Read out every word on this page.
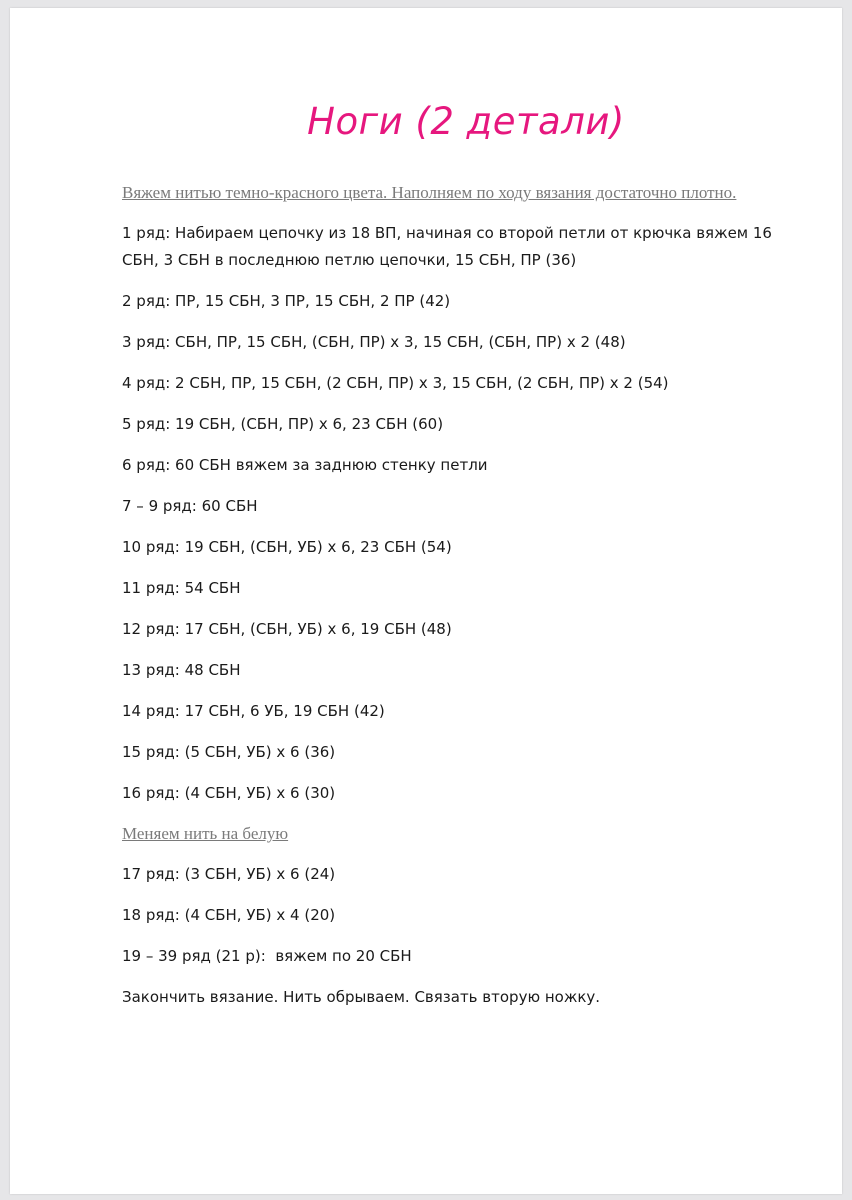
Ноги (2 детали)

Вяжем нитью темно-красного цвета. Наполняем по ходу вязания достаточно плотно.

1 ряд: Набираем цепочку из 18 ВП, начиная со второй петли от крючка вяжем 16 СБН, 3 СБН в последнюю петлю цепочки, 15 СБН, ПР (36)
2 ряд: ПР, 15 СБН, 3 ПР, 15 СБН, 2 ПР (42)
3 ряд: СБН, ПР, 15 СБН, (СБН, ПР) х 3, 15 СБН, (СБН, ПР) х 2 (48)
4 ряд: 2 СБН, ПР, 15 СБН, (2 СБН, ПР) х 3, 15 СБН, (2 СБН, ПР) х 2 (54)
5 ряд: 19 СБН, (СБН, ПР) х 6, 23 СБН (60)
6 ряд: 60 СБН вяжем за заднюю стенку петли
7 – 9 ряд: 60 СБН
10 ряд: 19 СБН, (СБН, УБ) х 6, 23 СБН (54)
11 ряд: 54 СБН
12 ряд: 17 СБН, (СБН, УБ) х 6, 19 СБН (48)
13 ряд: 48 СБН
14 ряд: 17 СБН, 6 УБ, 19 СБН (42)
15 ряд: (5 СБН, УБ) х 6 (36)
16 ряд: (4 СБН, УБ) х 6 (30)

Меняем нить на белую

17 ряд: (3 СБН, УБ) х 6 (24)
18 ряд: (4 СБН, УБ) х 4 (20)
19 – 39 ряд (21 р):  вяжем по 20 СБН
Закончить вязание. Нить обрываем. Связать вторую ножку.
